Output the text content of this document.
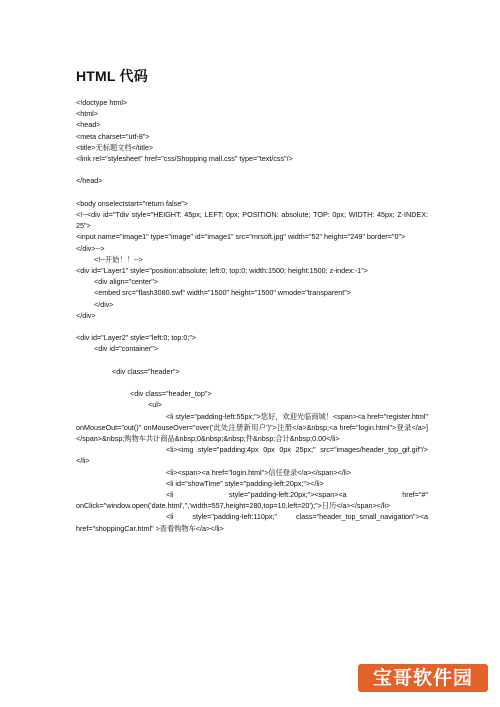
HTML 代码
<!doctype html>
<html>
<head>
<meta charset="utf-8">
<title>无标题文档</title>
<link rel="stylesheet" href="css/Shopping mall.css" type="text/css"/>
</head>
<body onselectstart="return false">
<!--<div id="Tdiv style="HEIGHT: 45px; LEFT: 0px; POSITION: absolute; TOP: 0px; WIDTH: 45px; Z-INDEX: 25">
<input name="image1" type="image" id="image1" src="mrsoft.jpg" width="52" height="249" border="0">
</div>-->
<!--开始！！-->
<div id="Layer1" style="position:absolute; left:0; top:0; width:1500; height:1500; z-index:-1">
<div align="center">
<embed src="flash3080.swf" width="1500" height="1500" wmode="transparent">
</div>
</div>
<div id="Layer2" style="left:0; top:0;">
<div id="container">
<div class="header">
<div class="header_top">
<ul>
<li style="padding-left:55px;">您好，欢迎光临商城！<span><a href="register.html" onMouseOut="out()" onMouseOver="over('此处注册新用户')">注册</a>&nbsp;<a href="login.html">登录</a>]</span>&nbsp;购物车共计商品&nbsp;0&nbsp;&nbsp;件&nbsp;合计&nbsp;0.00</li>
<li><img style="padding:4px 0px 0px 25px;" src="images/header_top_gif.gif"/></li>
<li><span><a href="login.html">信任登录</a></span></li>
<li id="showTime" style="padding-left:20px;"></li>
<li style="padding-left:20px;"><span><a href="#" onClick="window.open('date.html','','width=557,height=280,top=10,left=20');">日历</a></span></li>
<li style="padding-left:110px;" class="header_top_small_navigation"><a href="shoppingCar.html" >查看购物车</a></li>
宝哥软件园
